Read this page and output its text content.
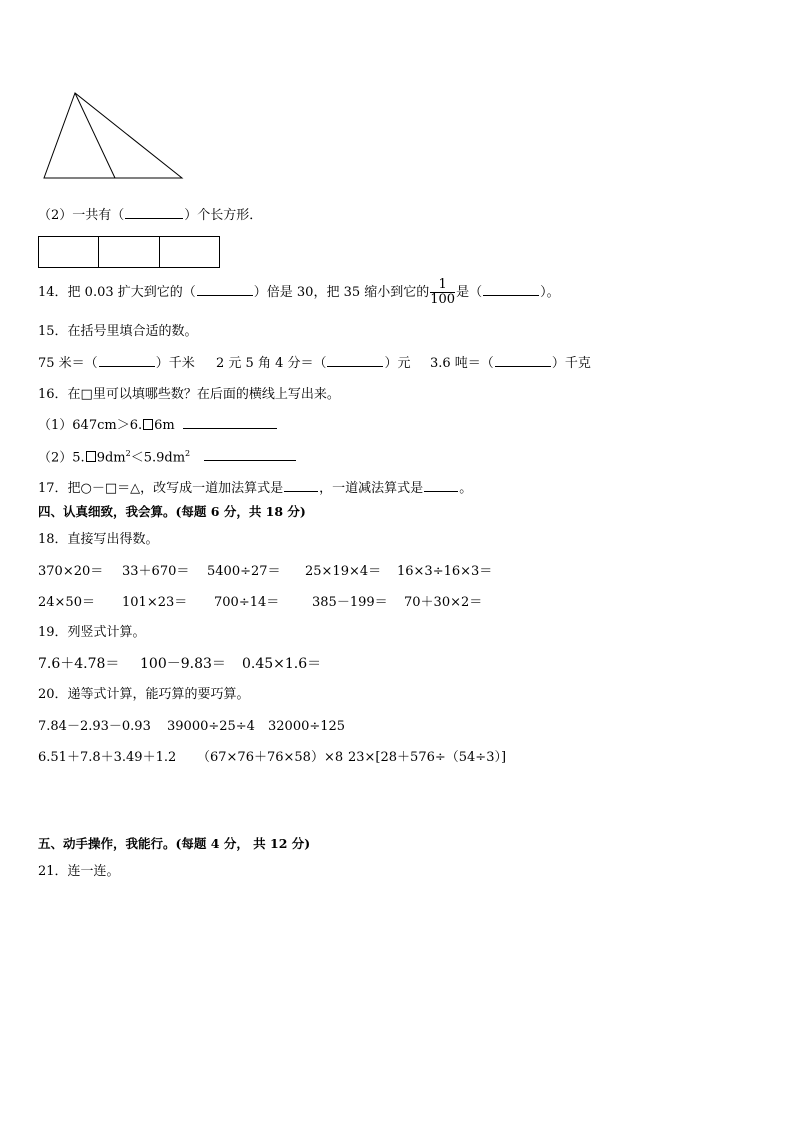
（2）一共有（	）个长方形．
14．把 0.03 扩大到它的（	）倍是 30，把 35 缩小到它的 $\frac{1}{100}$ 是（	）。
15．在括号里填合适的数。
75 米＝（	）千米 2 元 5 角 4 分＝（	）元 3.6 吨＝（	）千克
16．在□里可以填哪些数？在后面的横线上写出来。
（1）647cm＞6. 6m
（2）5. $9dm^2<5.9dm^2$
17．把○－□＝△，改写成一道加法算式是	，一道减法算式是	。
四、认真细致，我会算。(每题 6 分，共 18 分)
18．直接写出得数。
370×20＝ 33＋670＝ 5400÷27＝ 25×19×4＝ 16×3÷16×3＝
24×50＝ 101×23＝ 700÷14＝	385－199＝ 70＋30×2＝
19．列竖式计算。
7.6＋4.78＝ 100－9.83＝ 0.45×1.6＝
20．递等式计算，能巧算的要巧算。
7.84－2.93－0.93 39000÷25÷4 32000÷125
6.51＋7.8＋3.49＋1.2 （67×76＋76×58）×8 23×[28＋576÷（54÷3）]
五、动手操作，我能行。(每题 4 分， 共 12 分)
21．连一连。
